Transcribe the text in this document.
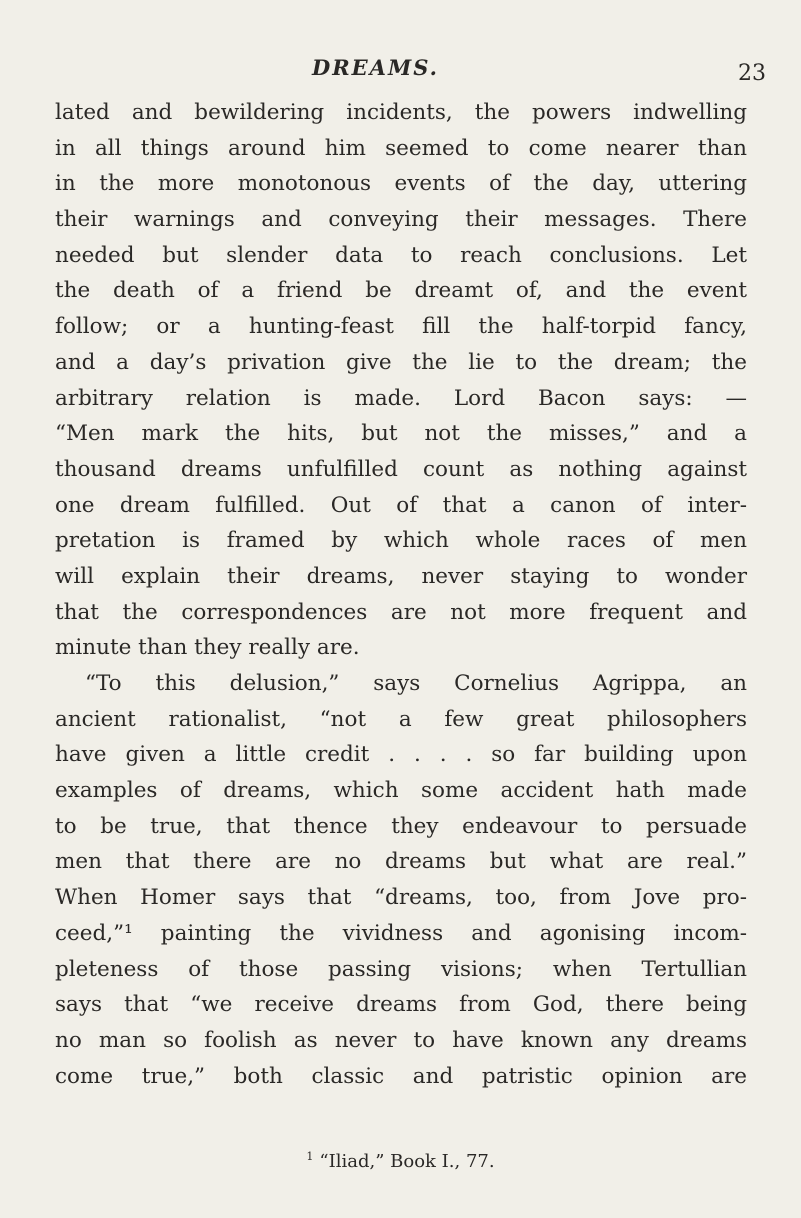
DREAMS.	23
lated and bewildering incidents, the powers indwelling
in all things around him seemed to come nearer than
in the more monotonous events of the day, uttering
their warnings and conveying their messages. There
needed but slender data to reach conclusions. Let
the death of a friend be dreamt of, and the event
follow; or a hunting-feast fill the half-torpid fancy,
and a day’s privation give the lie to the dream; the
arbitrary relation is made. Lord Bacon says: —
“Men mark the hits, but not the misses,” and a
thousand dreams unfulfilled count as nothing against
one dream fulfilled. Out of that a canon of inter-
pretation is framed by which whole races of men
will explain their dreams, never staying to wonder
that the correspondences are not more frequent and
minute than they really are.
“To this delusion,” says Cornelius Agrippa, an
ancient rationalist, “not a few great philosophers
have given a little credit . . . . so far building upon
examples of dreams, which some accident hath made
to be true, that thence they endeavour to persuade
men that there are no dreams but what are real.”
When Homer says that “dreams, too, from Jove pro-
ceed,”¹ painting the vividness and agonising incom-
pleteness of those passing visions; when Tertullian
says that “we receive dreams from God, there being
no man so foolish as never to have known any dreams
come true,” both classic and patristic opinion are
$^1$ “Iliad,” Book I., 77.
